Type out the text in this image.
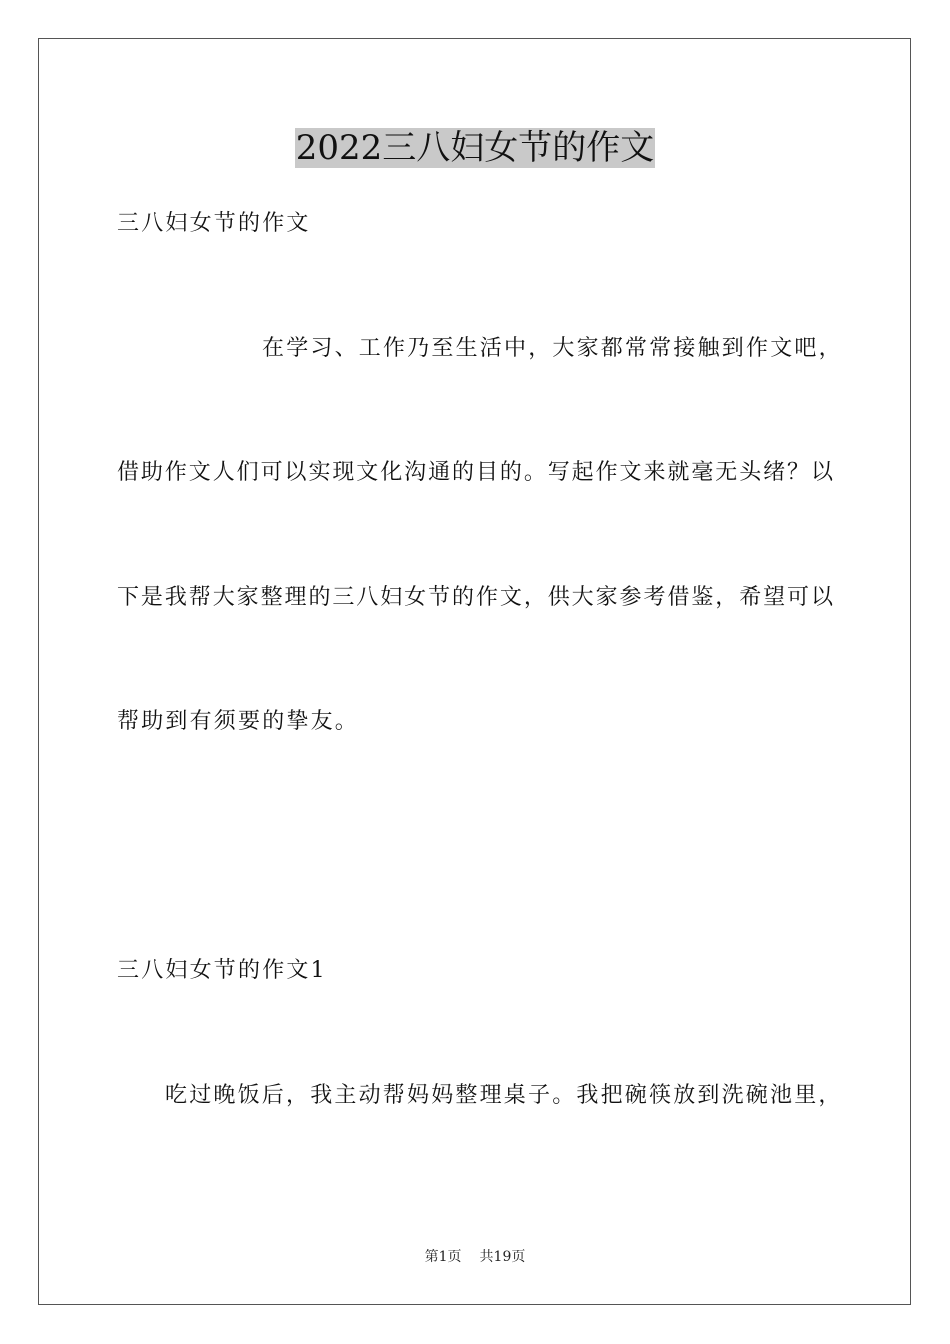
2022三八妇女节的作文
三八妇女节的作文
在学习、工作乃至生活中，大家都常常接触到作文吧，
借助作文人们可以实现文化沟通的目的。写起作文来就毫无头绪？以
下是我帮大家整理的三八妇女节的作文，供大家参考借鉴，希望可以
帮助到有须要的挚友。
三八妇女节的作文1
吃过晚饭后，我主动帮妈妈整理桌子。我把碗筷放到洗碗池里，
第1页 共19页
